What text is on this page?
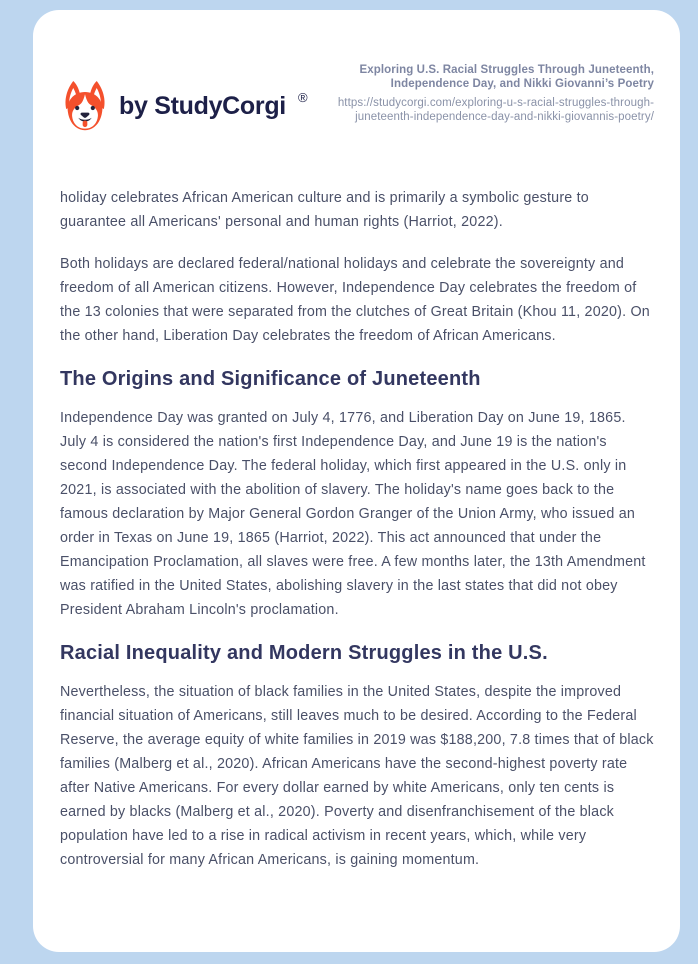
by StudyCorgi ®
Exploring U.S. Racial Struggles Through Juneteenth, Independence Day, and Nikki Giovanni’s Poetry
https://studycorgi.com/exploring-u-s-racial-struggles-through-juneteenth-independence-day-and-nikki-giovannis-poetry/

holiday celebrates African American culture and is primarily a symbolic gesture to guarantee all Americans' personal and human rights (Harriot, 2022).

Both holidays are declared federal/national holidays and celebrate the sovereignty and freedom of all American citizens. However, Independence Day celebrates the freedom of the 13 colonies that were separated from the clutches of Great Britain (Khou 11, 2020). On the other hand, Liberation Day celebrates the freedom of African Americans.

The Origins and Significance of Juneteenth

Independence Day was granted on July 4, 1776, and Liberation Day on June 19, 1865. July 4 is considered the nation's first Independence Day, and June 19 is the nation's second Independence Day. The federal holiday, which first appeared in the U.S. only in 2021, is associated with the abolition of slavery. The holiday's name goes back to the famous declaration by Major General Gordon Granger of the Union Army, who issued an order in Texas on June 19, 1865 (Harriot, 2022). This act announced that under the Emancipation Proclamation, all slaves were free. A few months later, the 13th Amendment was ratified in the United States, abolishing slavery in the last states that did not obey President Abraham Lincoln's proclamation.

Racial Inequality and Modern Struggles in the U.S.

Nevertheless, the situation of black families in the United States, despite the improved financial situation of Americans, still leaves much to be desired. According to the Federal Reserve, the average equity of white families in 2019 was $188,200, 7.8 times that of black families (Malberg et al., 2020). African Americans have the second-highest poverty rate after Native Americans. For every dollar earned by white Americans, only ten cents is earned by blacks (Malberg et al., 2020). Poverty and disenfranchisement of the black population have led to a rise in radical activism in recent years, which, while very controversial for many African Americans, is gaining momentum.
